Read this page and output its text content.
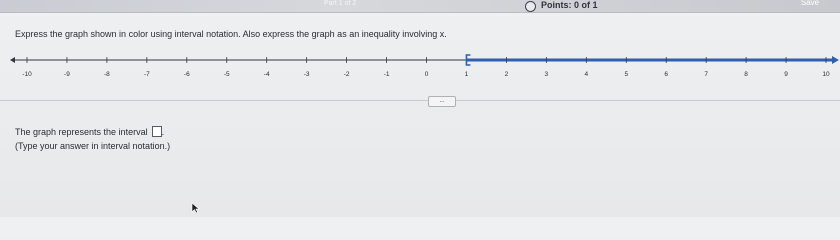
Part 1 of 2	Points: 0 of 1	Save
Express the graph shown in color using interval notation. Also express the graph as an inequality involving x.
-10	-9	-8	-7	-6	-5	-4	-3	-2	-1	0	1	2	3	4	5	6	7	8	9	10
...
The graph represents the interval .
(Type your answer in interval notation.)
